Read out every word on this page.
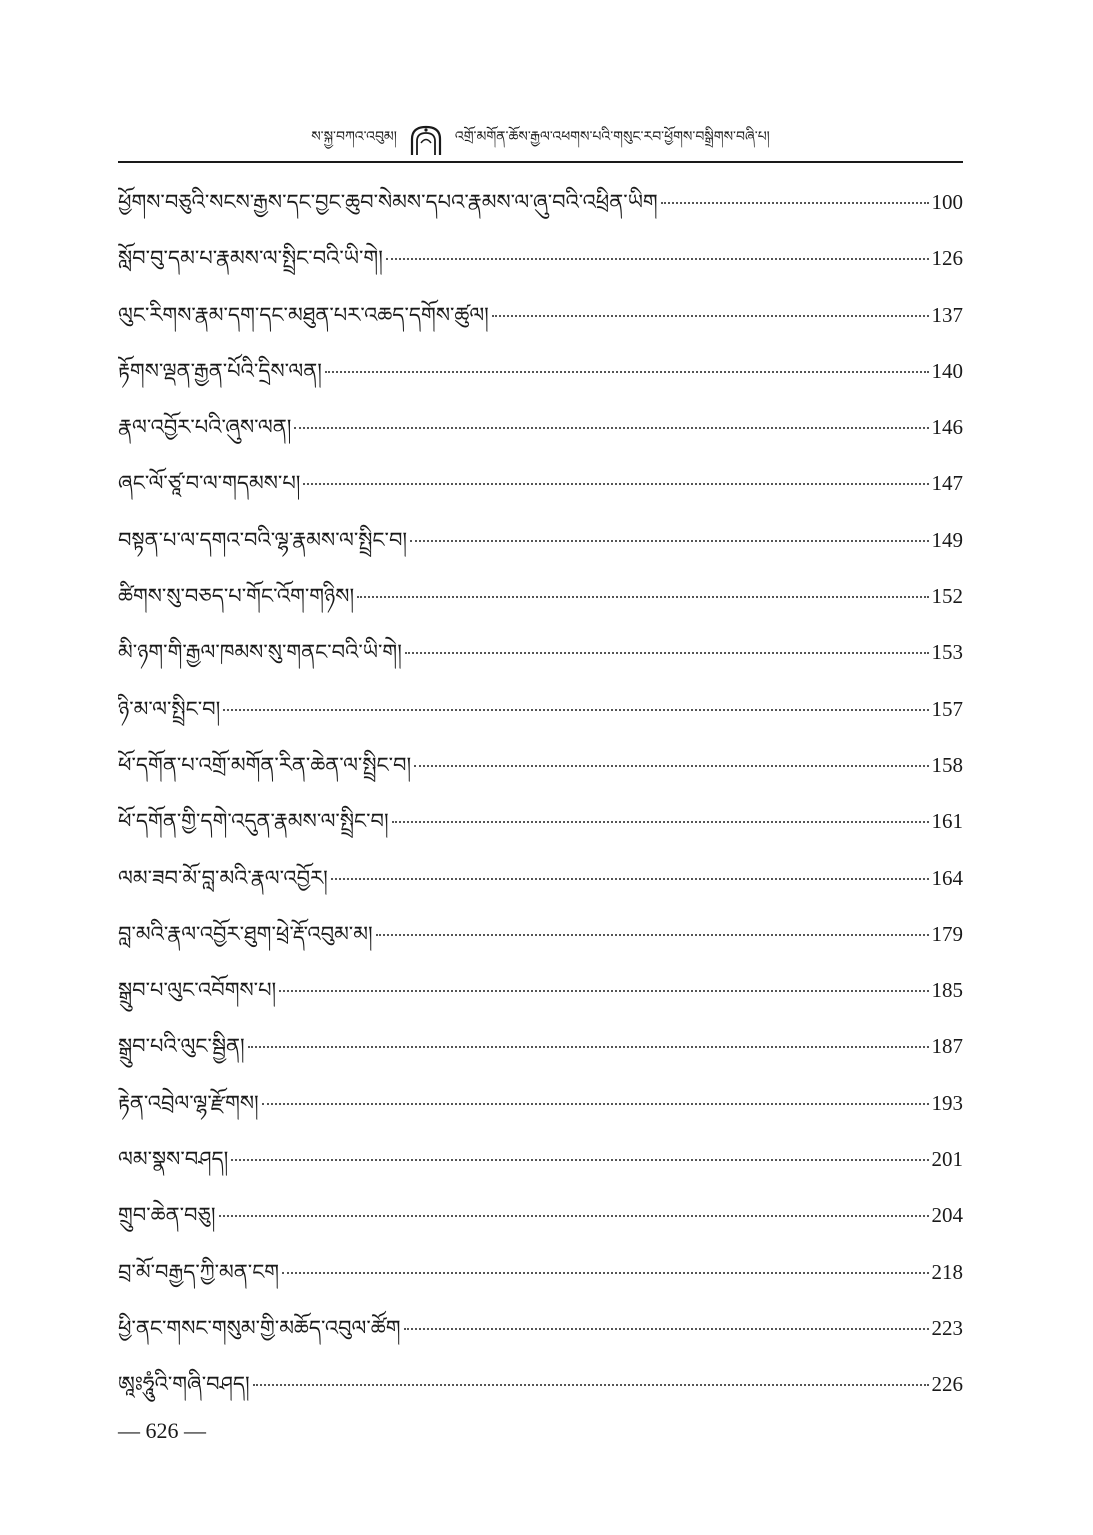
ས་སྐྱ་བཀའ་འབུམ།	འགྲོ་མགོན་ཆོས་རྒྱལ་འཕགས་པའི་གསུང་རབ་ཕྱོགས་བསྒྲིགས་བཞི་པ།
ཕྱོགས་བཅུའི་སངས་རྒྱས་དང་བྱང་ཆུབ་སེམས་དཔའ་རྣམས་ལ་ཞུ་བའི་འཕྲིན་ཡིག	100
སློབ་བུ་དམ་པ་རྣམས་ལ་སྤྲིང་བའི་ཡི་གེ།	126
ལུང་རིགས་རྣམ་དག་དང་མཐུན་པར་འཆད་དགོས་ཚུལ།	137
རྟོགས་ལྡན་རྒྱན་པོའི་དྲིས་ལན།	140
རྣལ་འབྱོར་པའི་ཞུས་ལན།	146
ཞང་ལོ་ཙཱ་བ་ལ་གདམས་པ།	147
བསྟན་པ་ལ་དགའ་བའི་ལྷ་རྣམས་ལ་སྤྲིང་བ།	149
ཚིགས་སུ་བཅད་པ་གོང་འོག་གཉིས།	152
མི་ཉག་གི་རྒྱལ་ཁམས་སུ་གནང་བའི་ཡི་གེ།	153
ཉི་མ་ལ་སྤྲིང་བ།	157
ཕོ་དགོན་པ་འགྲོ་མགོན་རིན་ཆེན་ལ་སྤྲིང་བ།	158
ཕོ་དགོན་གྱི་དགེ་འདུན་རྣམས་ལ་སྤྲིང་བ།	161
ལམ་ཟབ་མོ་བླ་མའི་རྣལ་འབྱོར།	164
བླ་མའི་རྣལ་འབྱོར་ཐུག་ཕྲེ་རྡོ་འབུམ་མ།	179
སྒྲུབ་པ་ལུང་འབོགས་པ།	185
སྒྲུབ་པའི་ལུང་སྦྱིན།	187
རྟེན་འབྲེལ་ལྷ་རྫོགས།	193
ལམ་སྣས་བཤད།	201
གྲུབ་ཆེན་བཅུ།	204
བྲ་མོ་བརྒྱད་ཀྱི་མན་ངག	218
ཕྱི་ནང་གསང་གསུམ་གྱི་མཆོད་འབུལ་ཚོག	223
ཨཱཿཧཱུཾའི་གཞི་བཤད།	226
— 626 —
